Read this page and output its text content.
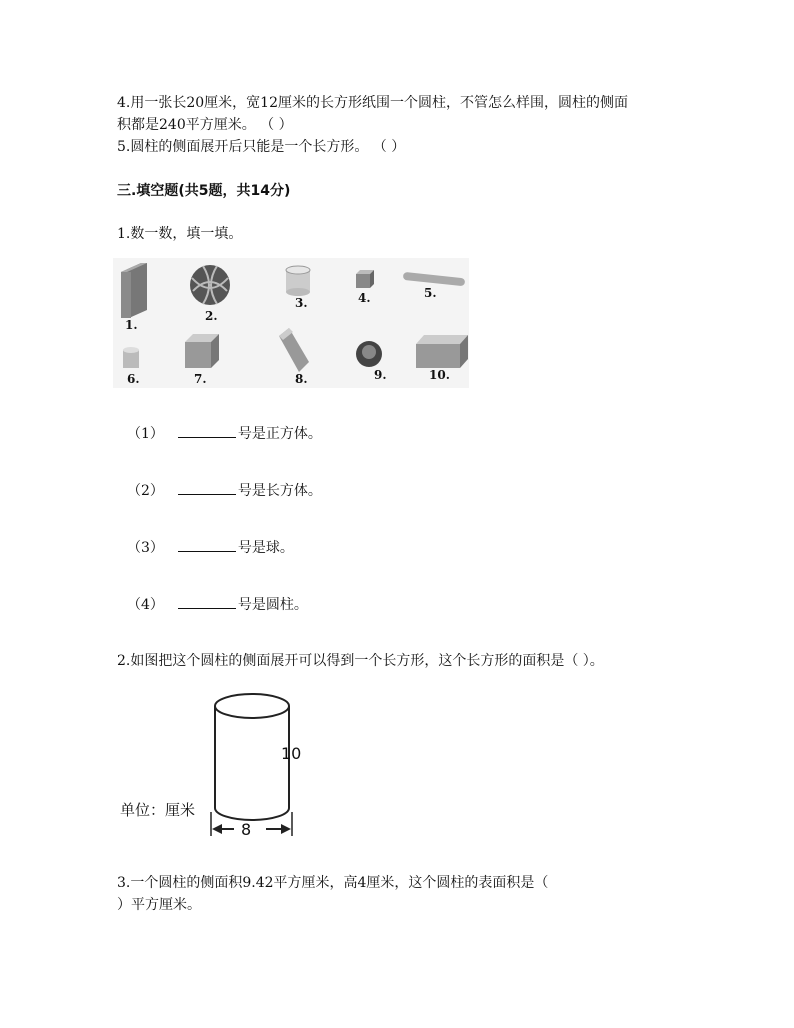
4.用一张长20厘米，宽12厘米的长方形纸围一个圆柱，不管怎么样围，圆柱的侧面
积都是240平方厘米。 （ ）
5.圆柱的侧面展开后只能是一个长方形。 （ ）
三.填空题(共5题，共14分)
1.数一数，填一填。
1.
2.
3.	4.	5.
6.	7.	8.	9.	10.
（1）	号是正方体。
（2）	号是长方体。
（3）	号是球。
（4）	号是圆柱。
2.如图把这个圆柱的侧面展开可以得到一个长方形，这个长方形的面积是（ ）。
10
8
单位：厘米
3.一个圆柱的侧面积9.42平方厘米，高4厘米，这个圆柱的表面积是（
）平方厘米。
